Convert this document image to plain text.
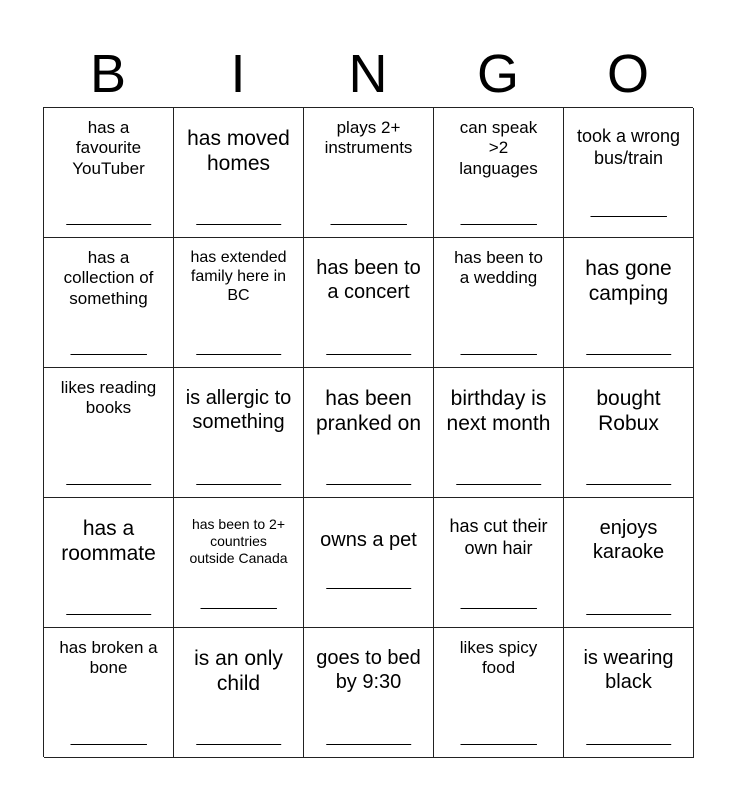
B	I	N	G	O
has a
favourite
YouTuber
__________
has moved
homes
__________
plays 2+
instruments
_________
can speak
>2
languages
_________
took a wrong
bus/train
_________
has a
collection of
something
_________
has extended
family here in
BC
__________
has been to
a concert
__________
has been to
a wedding
_________
has gone
camping
__________
likes reading
books
__________
is allergic to
something
__________
has been
pranked on
__________
birthday is
next month
__________
bought
Robux
__________
has a
roommate
__________
has been to 2+
countries
outside Canada
_________
owns a pet
__________
has cut their
own hair
_________
enjoys
karaoke
__________
has broken a
bone
_________
is an only
child
__________
goes to bed
by 9:30
__________
likes spicy
food
_________
is wearing
black
__________
